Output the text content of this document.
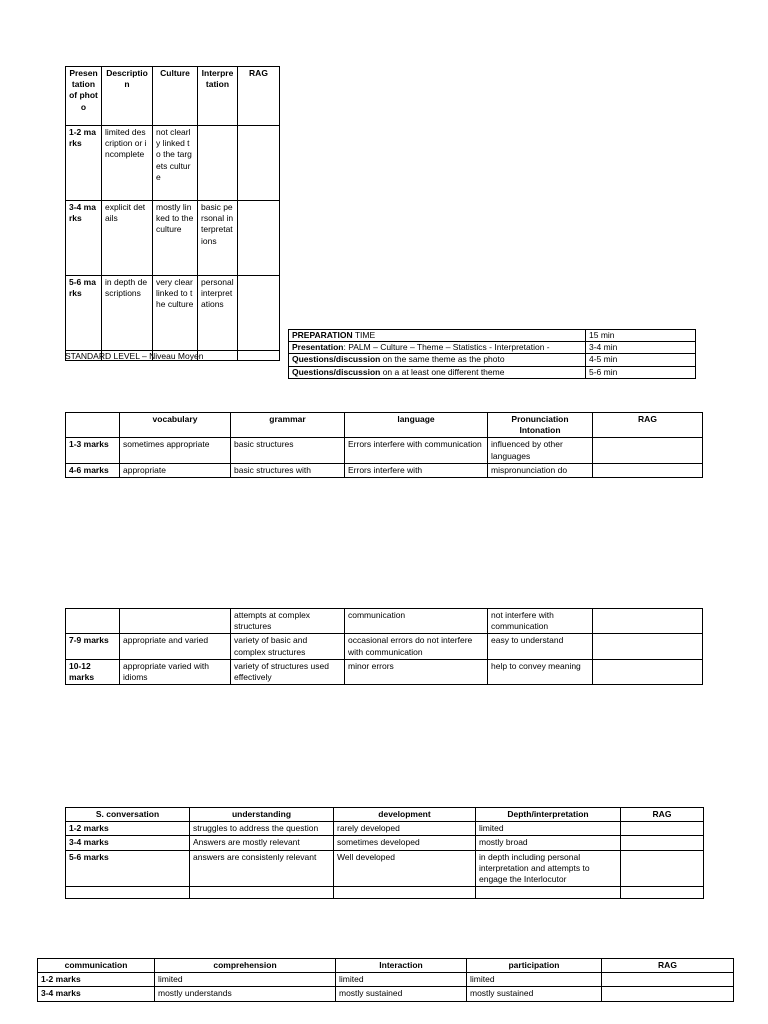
Presentation of photo	Description	Culture	Interpretation	RAG
1-2 marks	limited description or incomplete	not clearly linked to the targets culture		
3-4 marks	explicit details	mostly linked to the culture	basic personal interpretations	
5-6 marks	in depth descriptions	very clear linked to the culture	personal interpretations	

STANDARD LEVEL – Niveau Moyen
PREPARATION TIME	15 min
Presentation: PALM – Culture – Theme – Statistics - Interpretation -	3-4 min
Questions/discussion on the same theme as the photo	4-5 min
Questions/discussion on a at least one different theme	5-6 min
	vocabulary	grammar	language	Pronunciation Intonation	RAG
1-3 marks	sometimes appropriate	basic structures	Errors interfere with communication	influenced by other languages	
4-6 marks	appropriate	basic structures with	Errors interfere with	mispronunciation do	
		attempts at complex structures	communication	not interfere with communication	
7-9 marks	appropriate and varied	variety of basic and complex structures	occasional errors do not interfere with communication	easy to understand	
10-12 marks	appropriate varied with idioms	variety of structures used effectively	minor errors	help to convey meaning	
S. conversation	understanding	development	Depth/interpretation	RAG
1-2 marks	struggles to address the question	rarely developed	limited	
3-4 marks	Answers are mostly relevant	sometimes developed	mostly broad	
5-6 marks	answers are consistenly relevant	Well developed	in depth including personal interpretation and attempts to engage the Interlocutor	

communication	comprehension	Interaction	participation	RAG
1-2 marks	limited	limited	limited	
3-4 marks	mostly understands	mostly sustained	mostly sustained	
